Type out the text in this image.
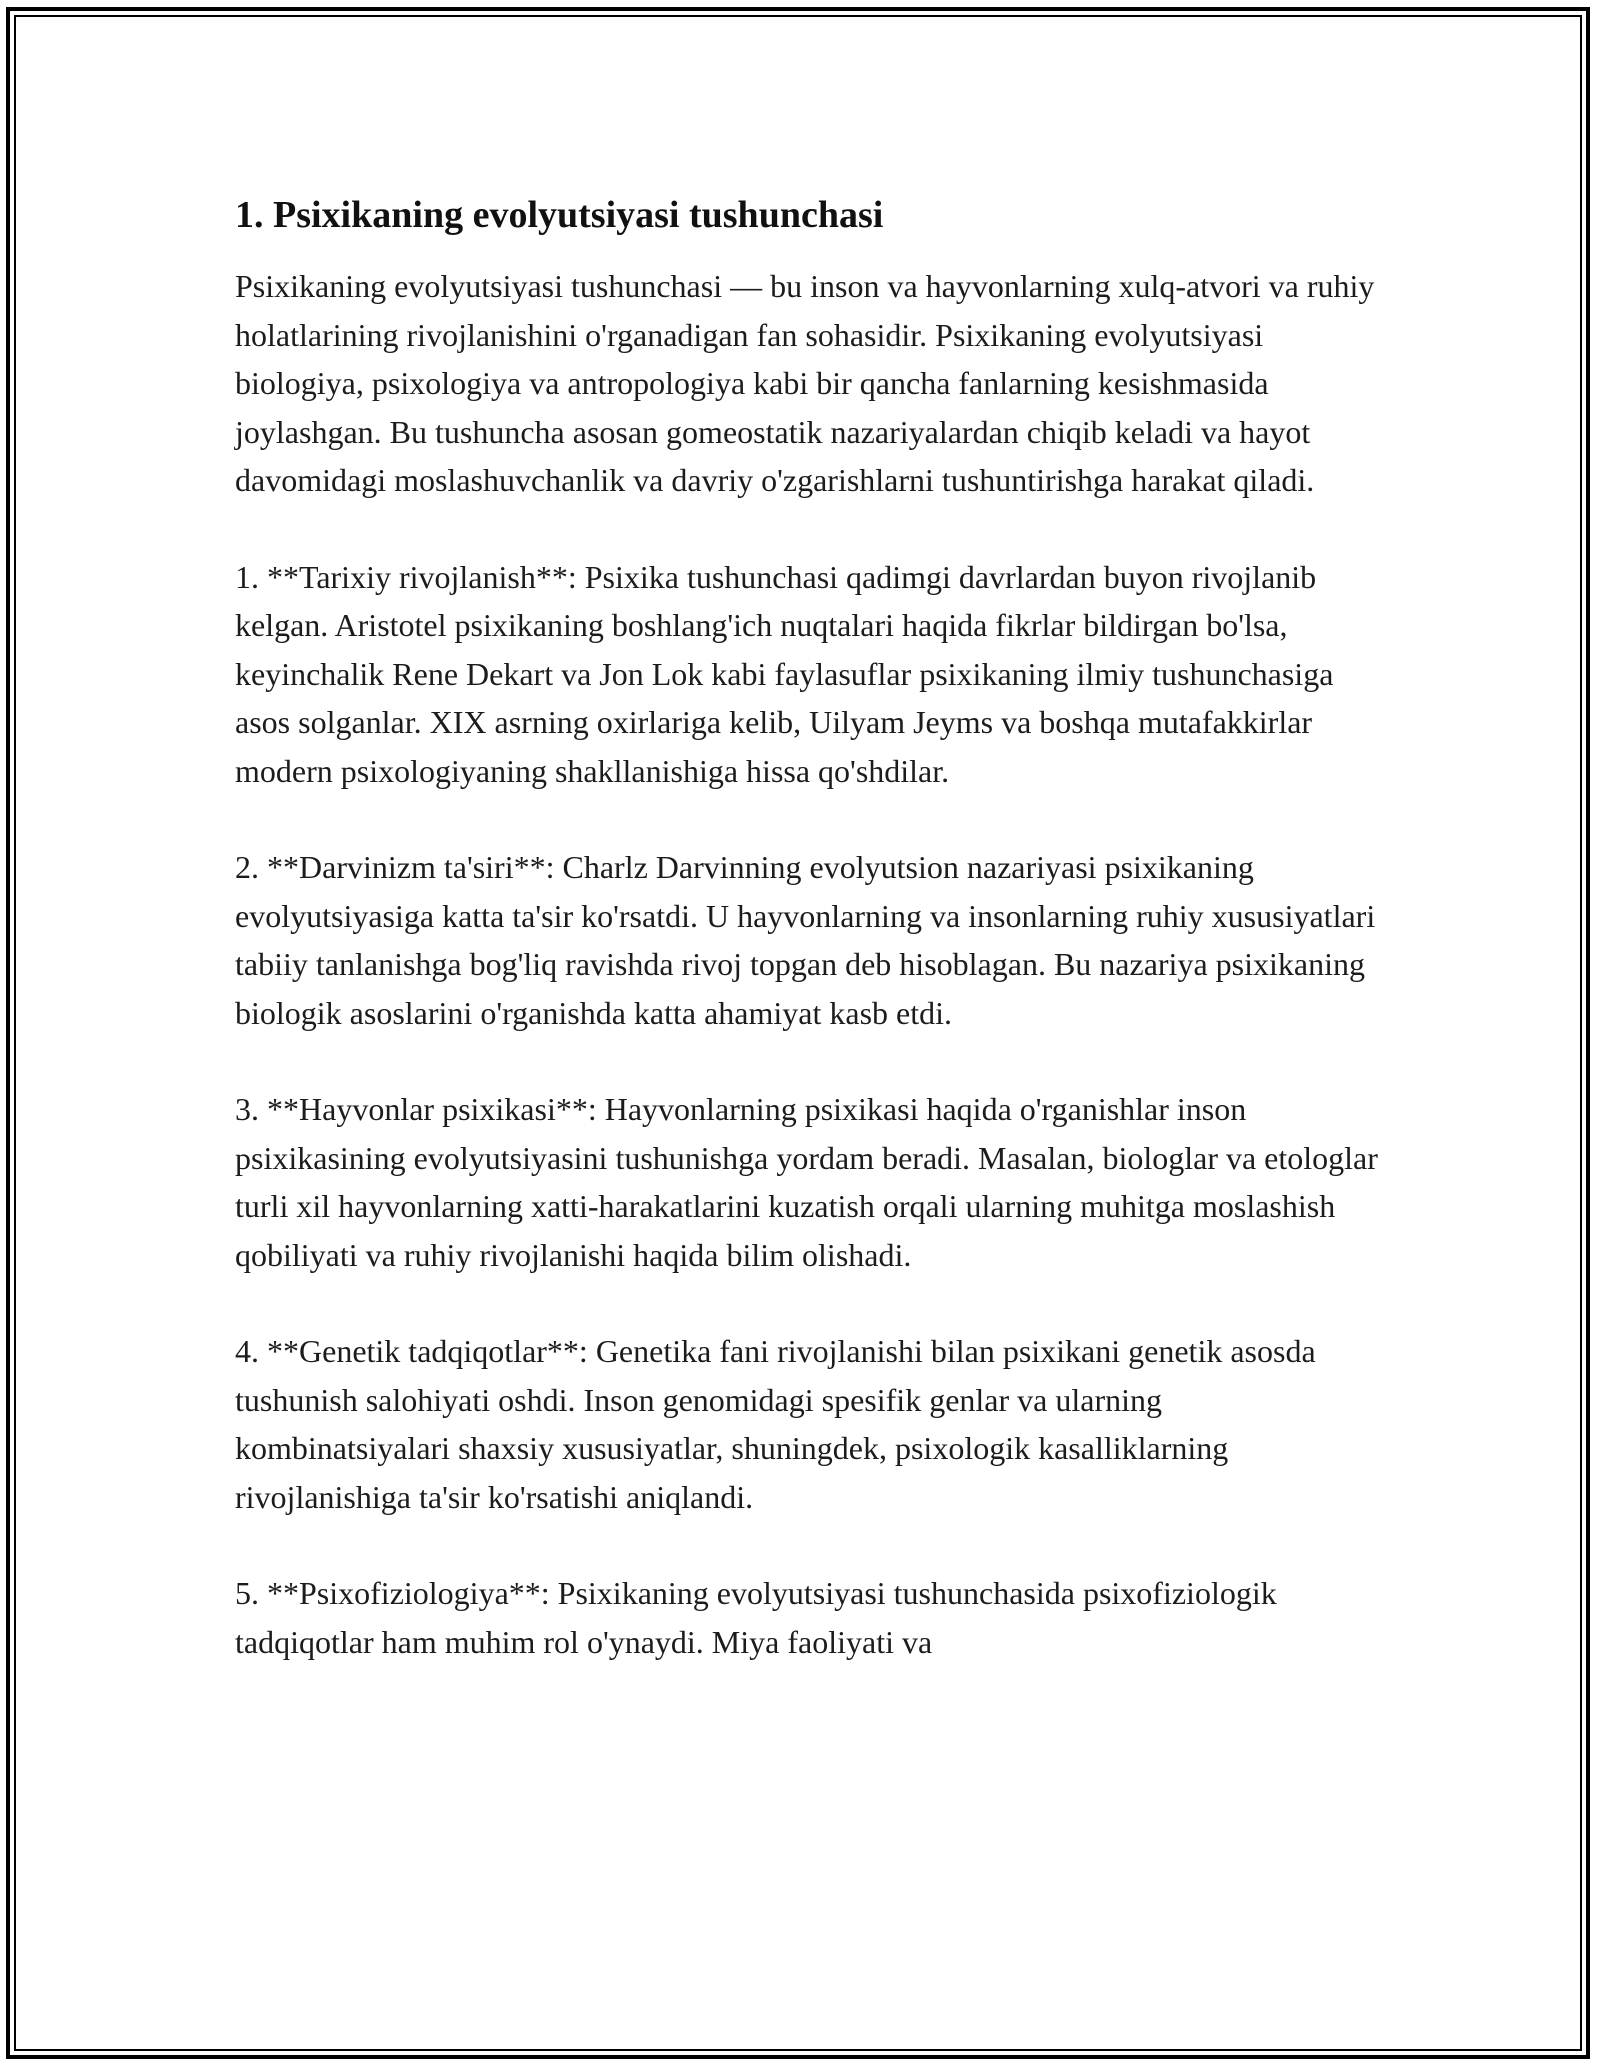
1. Psixikaning evolyutsiyasi tushunchasi

Psixikaning evolyutsiyasi tushunchasi — bu inson va hayvonlarning xulq-atvori va ruhiy holatlarining rivojlanishini o'rganadigan fan sohasidir. Psixikaning evolyutsiyasi biologiya, psixologiya va antropologiya kabi bir qancha fanlarning kesishmasida joylashgan. Bu tushuncha asosan gomeostatik nazariyalardan chiqib keladi va hayot davomidagi moslashuvchanlik va davriy o'zgarishlarni tushuntirishga harakat qiladi.

1. **Tarixiy rivojlanish**: Psixika tushunchasi qadimgi davrlardan buyon rivojlanib kelgan. Aristotel psixikaning boshlang'ich nuqtalari haqida fikrlar bildirgan bo'lsa, keyinchalik Rene Dekart va Jon Lok kabi faylasuflar psixikaning ilmiy tushunchasiga asos solganlar. XIX asrning oxirlariga kelib, Uilyam Jeyms va boshqa mutafakkirlar modern psixologiyaning shakllanishiga hissa qo'shdilar.

2. **Darvinizm ta'siri**: Charlz Darvinning evolyutsion nazariyasi psixikaning evolyutsiyasiga katta ta'sir ko'rsatdi. U hayvonlarning va insonlarning ruhiy xususiyatlari tabiiy tanlanishga bog'liq ravishda rivoj topgan deb hisoblagan. Bu nazariya psixikaning biologik asoslarini o'rganishda katta ahamiyat kasb etdi.

3. **Hayvonlar psixikasi**: Hayvonlarning psixikasi haqida o'rganishlar inson psixikasining evolyutsiyasini tushunishga yordam beradi. Masalan, biologlar va etologlar turli xil hayvonlarning xatti-harakatlarini kuzatish orqali ularning muhitga moslashish qobiliyati va ruhiy rivojlanishi haqida bilim olishadi.

4. **Genetik tadqiqotlar**: Genetika fani rivojlanishi bilan psixikani genetik asosda tushunish salohiyati oshdi. Inson genomidagi spesifik genlar va ularning kombinatsiyalari shaxsiy xususiyatlar, shuningdek, psixologik kasalliklarning rivojlanishiga ta'sir ko'rsatishi aniqlandi.

5. **Psixofiziologiya**: Psixikaning evolyutsiyasi tushunchasida psixofiziologik tadqiqotlar ham muhim rol o'ynaydi. Miya faoliyati va
